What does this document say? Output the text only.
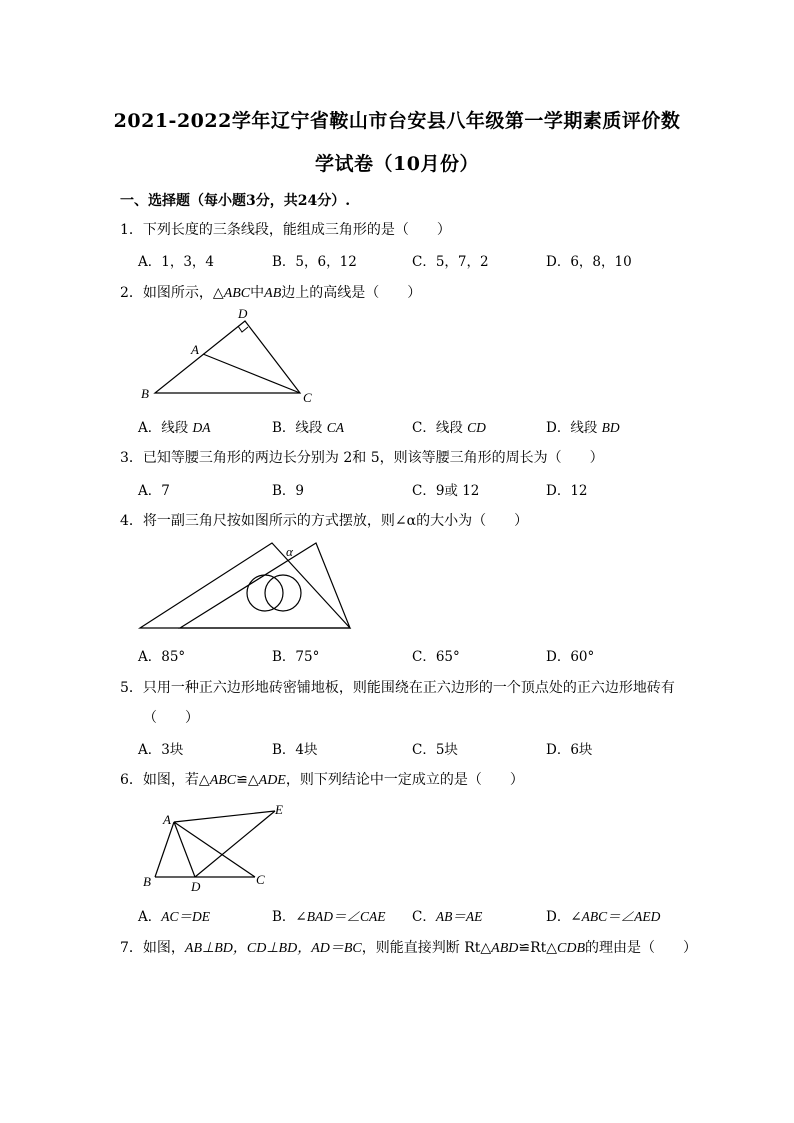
2021-2022学年辽宁省鞍山市台安县八年级第一学期素质评价数
学试卷（10月份）
一、选择题（每小题3分，共24分）.
1．下列长度的三条线段，能组成三角形的是（　　）
A．1，3，4	B．5，6，12	C．5，7，2	D．6，8，10
2．如图所示，△ABC中AB边上的高线是（　　）
D
A
B	C
A．线段 DA	B．线段 CA	C．线段 CD	D．线段 BD
3．已知等腰三角形的两边长分别为 2和 5，则该等腰三角形的周长为（　　）
A．7	B．9	C．9或 12	D．12
4．将一副三角尺按如图所示的方式摆放，则∠α的大小为（　　）
α
A．85°	B．75°	C．65°	D．60°
5．只用一种正六边形地砖密铺地板，则能围绕在正六边形的一个顶点处的正六边形地砖有
（　　）
A．3块	B．4块	C．5块	D．6块
6．如图，若△ABC≌△ADE，则下列结论中一定成立的是（　　）
A
E
B	D	C
A．AC＝DE	B．∠BAD＝∠CAE C．AB＝AE	D．∠ABC＝∠AED
7．如图，AB⊥BD，CD⊥BD，AD＝BC，则能直接判断 Rt△ABD≌Rt△CDB的理由是（　　）
